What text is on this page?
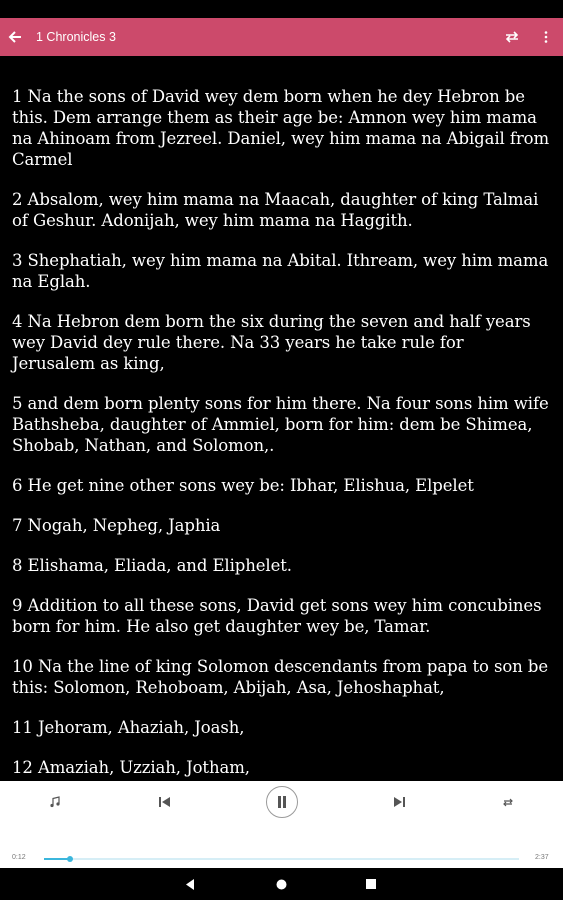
1 Chronicles 3

1 Na the sons of David wey dem born when he dey Hebron be this. Dem arrange them as their age be: Amnon wey him mama na Ahinoam from Jezreel. Daniel, wey him mama na Abigail from Carmel

2 Absalom, wey him mama na Maacah, daughter of king Talmai of Geshur. Adonijah, wey him mama na Haggith.

3 Shephatiah, wey him mama na Abital. Ithream, wey him mama na Eglah.

4 Na Hebron dem born the six during the seven and half years wey David dey rule there. Na 33 years he take rule for Jerusalem as king,

5 and dem born plenty sons for him there. Na four sons him wife Bathsheba, daughter of Ammiel, born for him: dem be Shimea, Shobab, Nathan, and Solomon,.

6 He get nine other sons wey be: Ibhar, Elishua, Elpelet

7 Nogah, Nepheg, Japhia

8 Elishama, Eliada, and Eliphelet.

9 Addition to all these sons, David get sons wey him concubines born for him. He also get daughter wey be, Tamar.

10 Na the line of king Solomon descendants from papa to son be this: Solomon, Rehoboam, Abijah, Asa, Jehoshaphat,

11 Jehoram, Ahaziah, Joash,

12 Amaziah, Uzziah, Jotham,

0:12	2:37
